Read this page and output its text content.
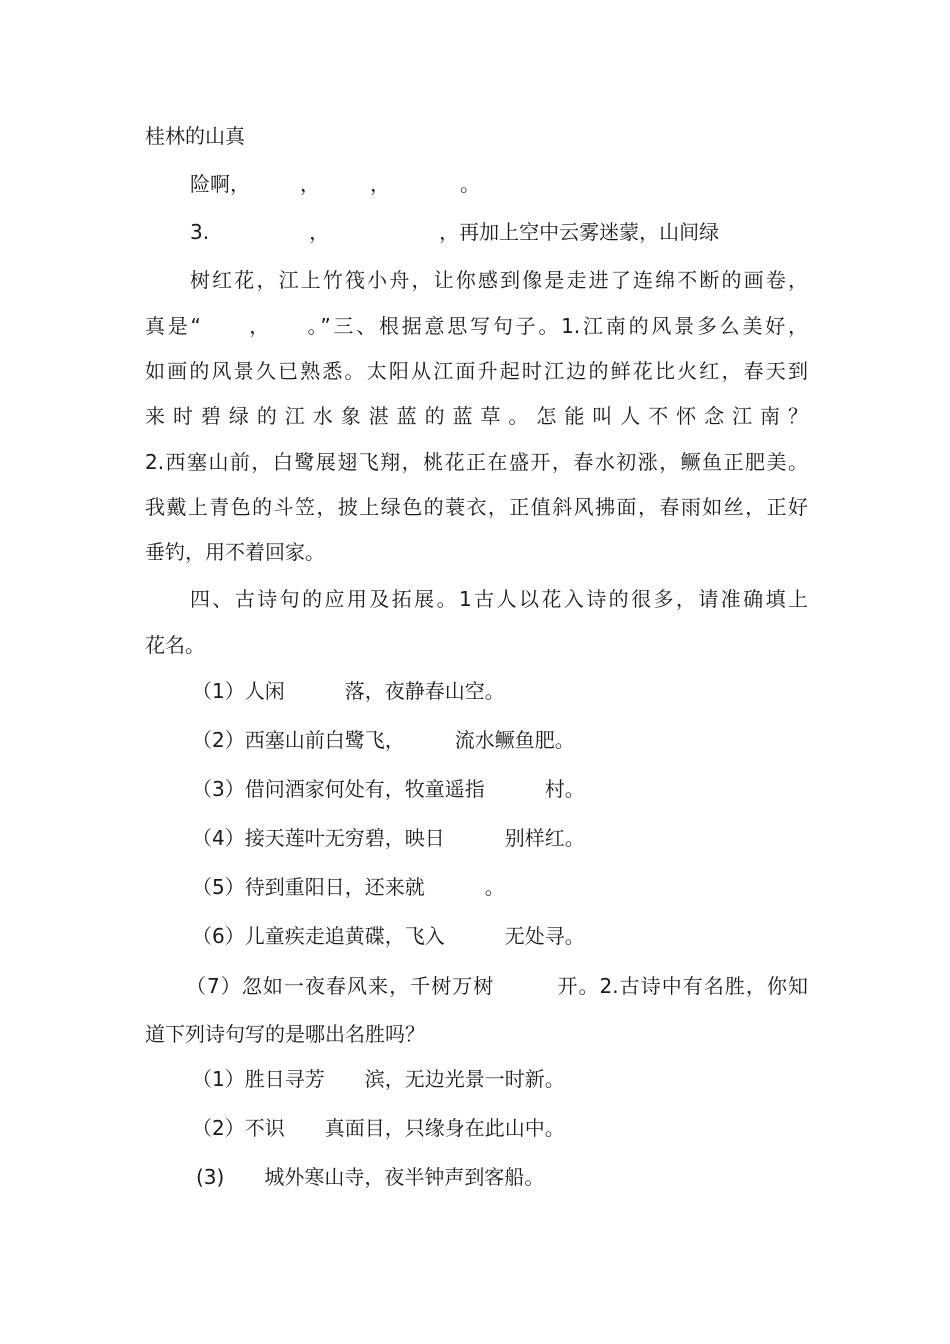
桂林的山真

险啊，　　　，　　　，　　　　。

3.　　　　　，　　　　　　，再加上空中云雾迷蒙，山间绿

树红花，江上竹筏小舟，让你感到像是走进了连绵不断的画卷，

真是“　　，　　。”三、根据意思写句子。1.江南的风景多么美好，

如画的风景久已熟悉。太阳从江面升起时江边的鲜花比火红，春天到

来时碧绿的江水象湛蓝的蓝草。怎能叫人不怀念江南？

2.西塞山前，白鹭展翅飞翔，桃花正在盛开，春水初涨，鳜鱼正肥美。

我戴上青色的斗笠，披上绿色的蓑衣，正值斜风拂面，春雨如丝，正好

垂钓，用不着回家。

四、古诗句的应用及拓展。1古人以花入诗的很多，请准确填上

花名。

（1）人闲　　　落，夜静春山空。

（2）西塞山前白鹭飞，　　　流水鳜鱼肥。

（3）借问酒家何处有，牧童遥指　　　村。

（4）接天莲叶无穷碧，映日　　　别样红。

（5）待到重阳日，还来就　　　。

（6）儿童疾走追黄碟，飞入　　　无处寻。

（7）忽如一夜春风来，千树万树　　　开。2.古诗中有名胜，你知

道下列诗句写的是哪出名胜吗？

（1）胜日寻芳　　滨，无边光景一时新。

（2）不识　　真面目，只缘身在此山中。

(3)　　城外寒山寺，夜半钟声到客船。
